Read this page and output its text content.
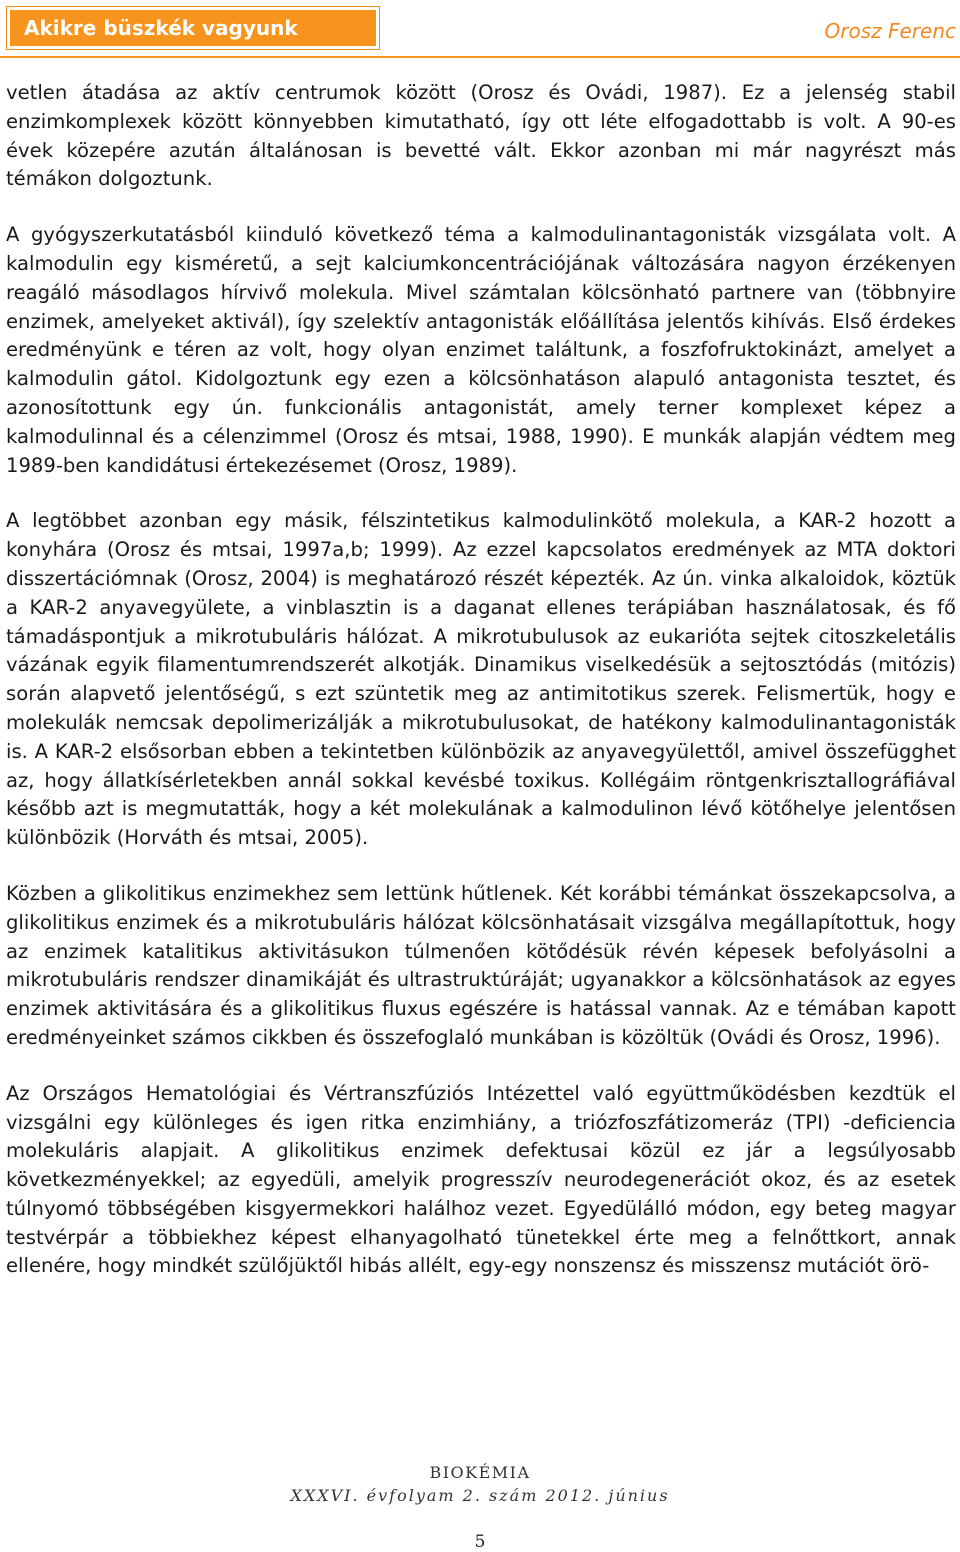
Akikre büszkék vagyunk	Orosz Ferenc

vetlen átadása az aktív centrumok között (Orosz és Ovádi, 1987). Ez a jelenség stabil enzimkomplexek között könnyebben kimutatható, így ott léte elfogadottabb is volt. A 90-es évek közepére azután általánosan is bevetté vált. Ekkor azonban mi már nagyrészt más témákon dolgoztunk.

A gyógyszerkutatásból kiinduló következő téma a kalmodulinantagonisták vizsgálata volt. A kalmodulin egy kisméretű, a sejt kalciumkoncentrációjának változására nagyon érzékenyen reagáló másodlagos hírvivő molekula. Mivel számtalan kölcsönható partnere van (többnyire enzimek, amelyeket aktivál), így szelektív antagonisták előállítása jelentős kihívás. Első érdekes eredményünk e téren az volt, hogy olyan enzimet találtunk, a foszfofruktokinázt, amelyet a kalmodulin gátol. Kidolgoztunk egy ezen a kölcsönhatáson alapuló antagonista tesztet, és azonosítottunk egy ún. funkcionális antagonistát, amely terner komplexet képez a kalmodulinnal és a célenzimmel (Orosz és mtsai, 1988, 1990). E munkák alapján védtem meg 1989-ben kandidátusi értekezésemet (Orosz, 1989).

A legtöbbet azonban egy másik, félszintetikus kalmodulinkötő molekula, a KAR-2 hozott a konyhára (Orosz és mtsai, 1997a,b; 1999). Az ezzel kapcsolatos eredmények az MTA doktori disszertációmnak (Orosz, 2004) is meghatározó részét képezték. Az ún. vinka alkaloidok, köztük a KAR-2 anyavegyülete, a vinblasztin is a daganat ellenes terápiában használatosak, és fő támadáspontjuk a mikrotubuláris hálózat. A mikrotubulusok az eukarióta sejtek citoszkeletális vázának egyik filamentumrendszerét alkotják. Dinamikus viselkedésük a sejtosztódás (mitózis) során alapvető jelentőségű, s ezt szüntetik meg az antimitotikus szerek. Felismertük, hogy e molekulák nemcsak depolimerizálják a mikrotubulusokat, de hatékony kalmodulinantagonisták is. A KAR-2 elsősorban ebben a tekintetben különbözik az anyavegyülettől, amivel összefügghet az, hogy állatkísérletekben annál sokkal kevésbé toxikus. Kollégáim röntgenkrisztallográfiával később azt is megmutatták, hogy a két molekulának a kalmodulinon lévő kötőhelye jelentősen különbözik (Horváth és mtsai, 2005).

Közben a glikolitikus enzimekhez sem lettünk hűtlenek. Két korábbi témánkat összekapcsolva, a glikolitikus enzimek és a mikrotubuláris hálózat kölcsönhatásait vizsgálva megállapítottuk, hogy az enzimek katalitikus aktivitásukon túlmenően kötődésük révén képesek befolyásolni a mikrotubuláris rendszer dinamikáját és ultrastruktúráját; ugyanakkor a kölcsönhatások az egyes enzimek aktivitására és a glikolitikus fluxus egészére is hatással vannak. Az e témában kapott eredményeinket számos cikkben és összefoglaló munkában is közöltük (Ovádi és Orosz, 1996).

Az Országos Hematológiai és Vértranszfúziós Intézettel való együttműködésben kezdtük el vizsgálni egy különleges és igen ritka enzimhiány, a triózfoszfátizomeráz (TPI) -deficiencia molekuláris alapjait. A glikolitikus enzimek defektusai közül ez jár a legsúlyosabb következményekkel; az egyedüli, amelyik progresszív neurodegenerációt okoz, és az esetek túlnyomó többségében kisgyermekkori halálhoz vezet. Egyedülálló módon, egy beteg magyar testvérpár a többiekhez képest elhanyagolható tünetekkel érte meg a felnőttkort, annak ellenére, hogy mindkét szülőjüktől hibás allélt, egy-egy nonszensz és misszensz mutációt örö-

BIOKÉMIA
XXXVI. évfolyam 2. szám 2012. június
5
